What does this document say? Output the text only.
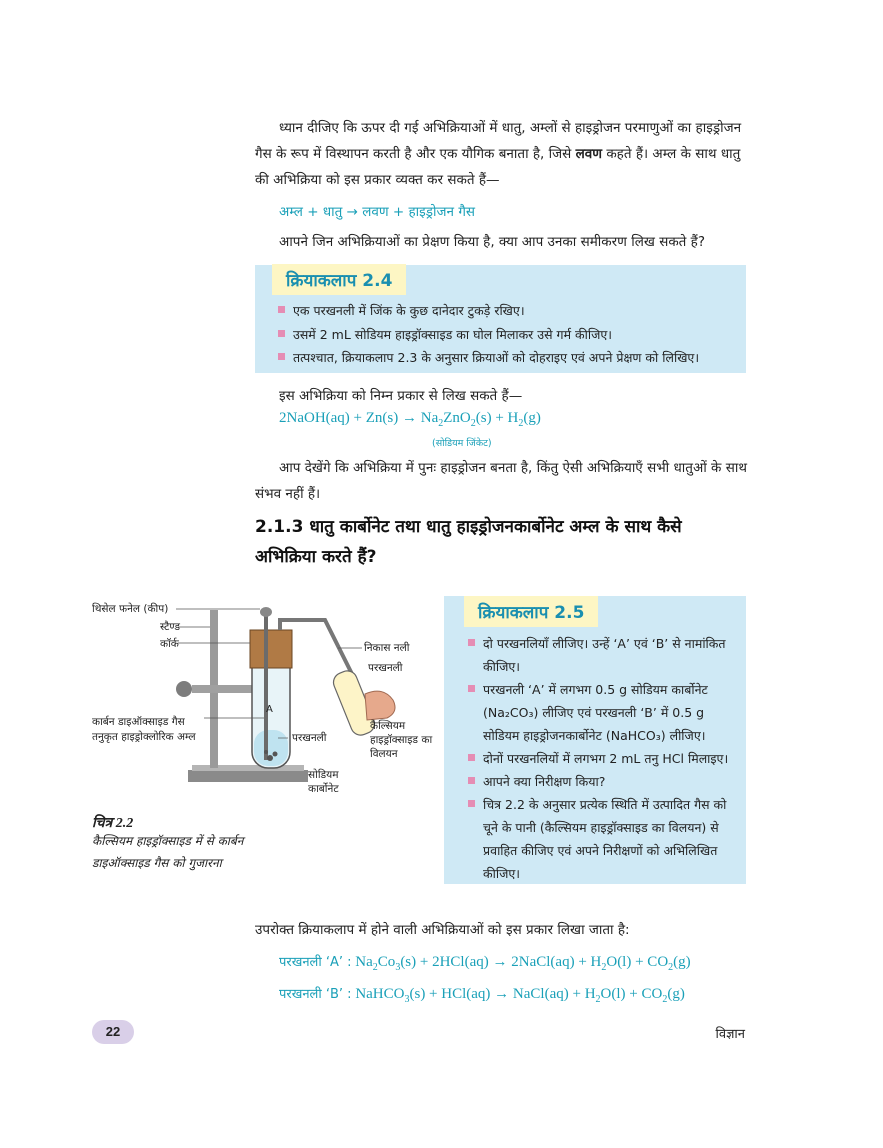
ध्यान दीजिए कि ऊपर दी गई अभिक्रियाओं में धातु, अम्लों से हाइड्रोजन परमाणुओं का हाइड्रोजन गैस के रूप में विस्थापन करती है और एक यौगिक बनाता है, जिसे लवण कहते हैं। अम्ल के साथ धातु की अभिक्रिया को इस प्रकार व्यक्त कर सकते हैं—
अम्ल + धातु → लवण + हाइड्रोजन गैस
आपने जिन अभिक्रियाओं का प्रेक्षण किया है, क्या आप उनका समीकरण लिख सकते हैं?
क्रियाकलाप 2.4
एक परखनली में जिंक के कुछ दानेदार टुकड़े रखिए।
उसमें 2 mL सोडियम हाइड्रॉक्साइड का घोल मिलाकर उसे गर्म कीजिए।
तत्पश्चात, क्रियाकलाप 2.3 के अनुसार क्रियाओं को दोहराइए एवं अपने प्रेक्षण को लिखिए।
इस अभिक्रिया को निम्न प्रकार से लिख सकते हैं—
2NaOH(aq) + $Zn(s) \to Na_2ZnO_2(s) + H_2(g)$
(सोडियम जिंकेट)
आप देखेंगे कि अभिक्रिया में पुनः हाइड्रोजन बनता है, किंतु ऐसी अभिक्रियाएँ सभी धातुओं के साथ संभव नहीं हैं।
2.1.3 धातु कार्बोनेट तथा धातु हाइड्रोजनकार्बोनेट अम्ल के साथ कैसे अभिक्रिया करते हैं?
A
थिसेल फनेल (कीप)
स्टैण्ड
कॉर्क	निकास नली
परखनली
कार्बन डाइऑक्साइड गैस
तनुकृत हाइड्रोक्लोरिक अम्ल	परखनली
कैल्सियम हाइड्रॉक्साइड का विलयन
सोडियम कार्बोनेट
चित्र 2.2
कैल्सियम हाइड्रॉक्साइड में से कार्बन डाइऑक्साइड गैस को गुजारना
क्रियाकलाप 2.5
दो परखनलियाँ लीजिए। उन्हें ‘A’ एवं ‘B’ से नामांकित कीजिए।
परखनली ‘A’ में लगभग 0.5 g सोडियम कार्बोनेट (Na₂CO₃) लीजिए एवं परखनली ‘B’ में 0.5 g सोडियम हाइड्रोजनकार्बोनेट (NaHCO₃) लीजिए।
दोनों परखनलियों में लगभग 2 mL तनु HCl मिलाइए।
आपने क्या निरीक्षण किया?
चित्र 2.2 के अनुसार प्रत्येक स्थिति में उत्पादित गैस को चूने के पानी (कैल्सियम हाइड्रॉक्साइड का विलयन) से प्रवाहित कीजिए एवं अपने निरीक्षणों को अभिलिखित कीजिए।
उपरोक्त क्रियाकलाप में होने वाली अभिक्रियाओं को इस प्रकार लिखा जाता है:
परखनली ‘A’ : $Na_2Co_3(s) + 2HCl(aq)$ → 2NaCl(aq) + $H_2O(l) + CO_2(g)$
परखनली ‘B’ : NaHCO$_3$(s) + HCl(aq) → NaCl(aq) + $H_2O(l) + CO_2(g)$
22	विज्ञान
